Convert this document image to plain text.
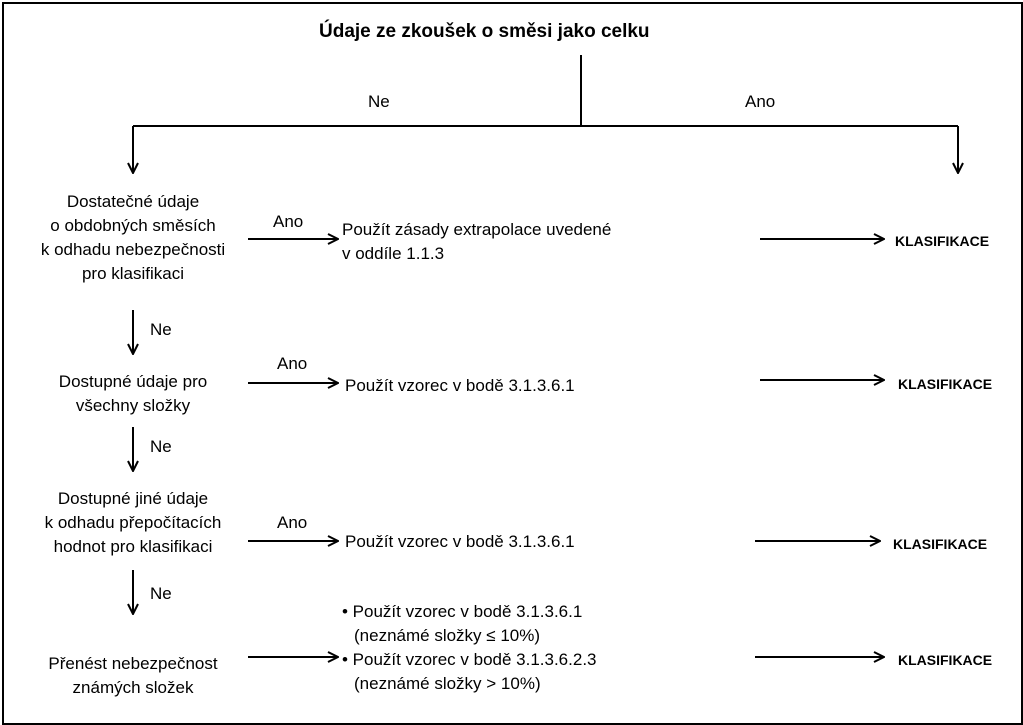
Údaje ze zkoušek o směsi jako celku
Ne	Ano
Dostatečné údaje
o obdobných směsích
k odhadu nebezpečnosti
pro klasifikaci
Ano Použít zásady extrapolace uvedené
v oddíle 1.1.3
KLASIFIKACE
Ne
Dostupné údaje pro
všechny složky
Ano
Použít vzorec v bodě 3.1.3.6.1	KLASIFIKACE
Ne
Dostupné jiné údaje
k odhadu přepočítacích
hodnot pro klasifikaci
Ano
Použít vzorec v bodě 3.1.3.6.1	KLASIFIKACE
Ne
Přenést nebezpečnost
známých složek
• Použít vzorec v bodě 3.1.3.6.1
(neznámé složky ≤ 10%)
• Použít vzorec v bodě 3.1.3.6.2.3
(neznámé složky > 10%)
KLASIFIKACE
